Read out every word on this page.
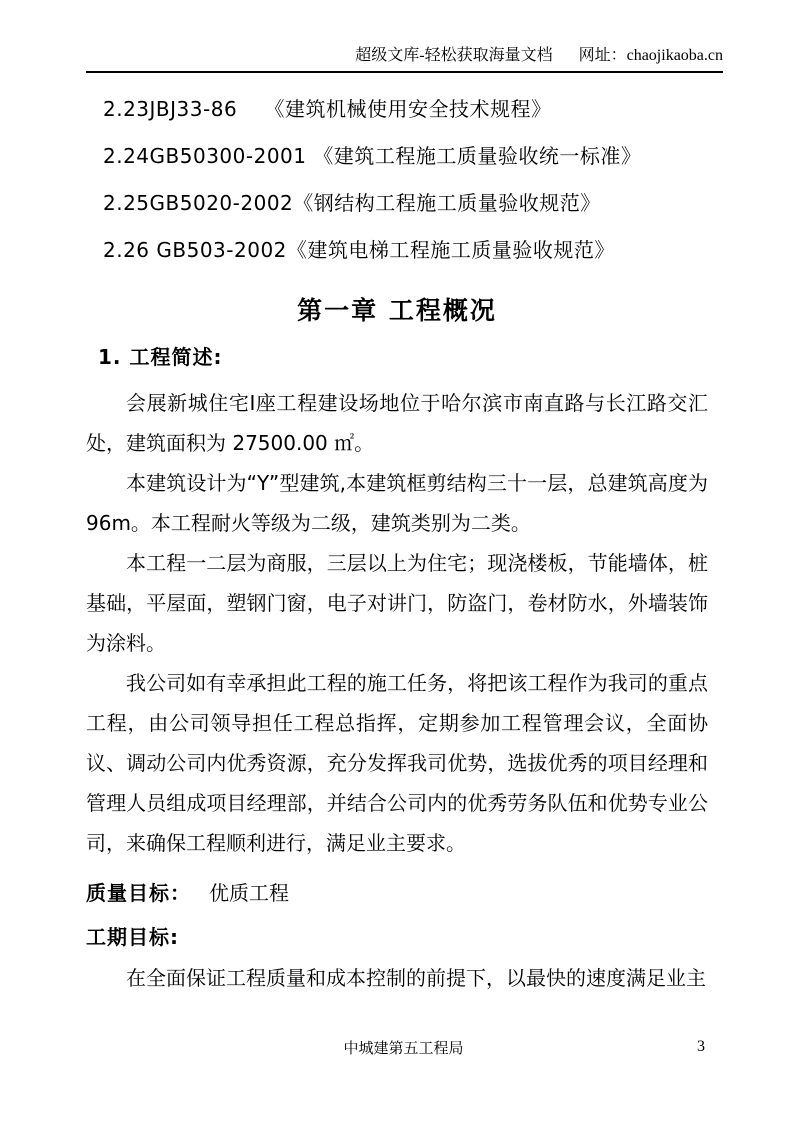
超级文库-轻松获取海量文档 网址：chaojikaoba.cn
2.23JBJ33-86　 《建筑机械使用安全技术规程》
2.24GB50300-2001 《建筑工程施工质量验收统一标准》
2.25GB5020-2002《钢结构工程施工质量验收规范》
2.26 GB503-2002《建筑电梯工程施工质量验收规范》
第一章 工程概况
1. 工程简述:

会展新城住宅Ⅰ座工程建设场地位于哈尔滨市南直路与长江路交汇处，建筑面积为 27500.00 ㎡。

本建筑设计为“Y”型建筑,本建筑框剪结构三十一层，总建筑高度为 96m。本工程耐火等级为二级，建筑类别为二类。

本工程一二层为商服，三层以上为住宅；现浇楼板，节能墙体，桩基础，平屋面，塑钢门窗，电子对讲门，防盗门，卷材防水，外墙装饰为涂料。

我公司如有幸承担此工程的施工任务，将把该工程作为我司的重点工程，由公司领导担任工程总指挥，定期参加工程管理会议，全面协议、调动公司内优秀资源，充分发挥我司优势，选拔优秀的项目经理和管理人员组成项目经理部，并结合公司内的优秀劳务队伍和优势专业公司，来确保工程顺利进行，满足业主要求。

质量目标： 优质工程

工期目标:

在全面保证工程质量和成本控制的前提下，以最快的速度满足业主

中城建第五工程局	3
